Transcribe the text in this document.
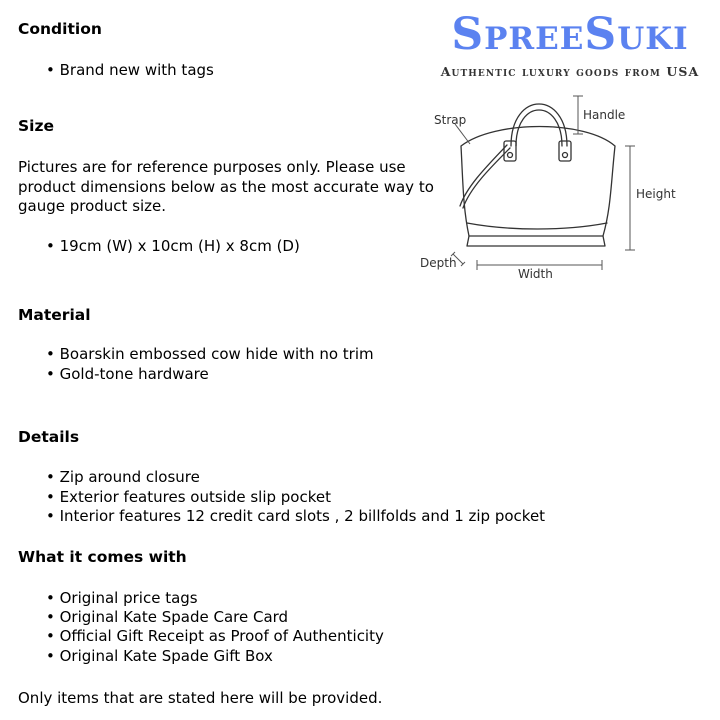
Condition
• Brand new with tags
Size
Pictures are for reference purposes only. Please use
product dimensions below as the most accurate way to
gauge product size.
• 19cm (W) x 10cm (H) x 8cm (D)
Material
• Boarskin embossed cow hide with no trim
• Gold-tone hardware
Details
• Zip around closure
• Exterior features outside slip pocket
• Interior features 12 credit card slots , 2 billfolds and 1 zip pocket
What it comes with
• Original price tags
• Original Kate Spade Care Card
• Official Gift Receipt as Proof of Authenticity
• Original Kate Spade Gift Box
Only items that are stated here will be provided.
SpreeSuki
Authentic luxury goods from USA
Strap	Handle
Height
Depth
Width
